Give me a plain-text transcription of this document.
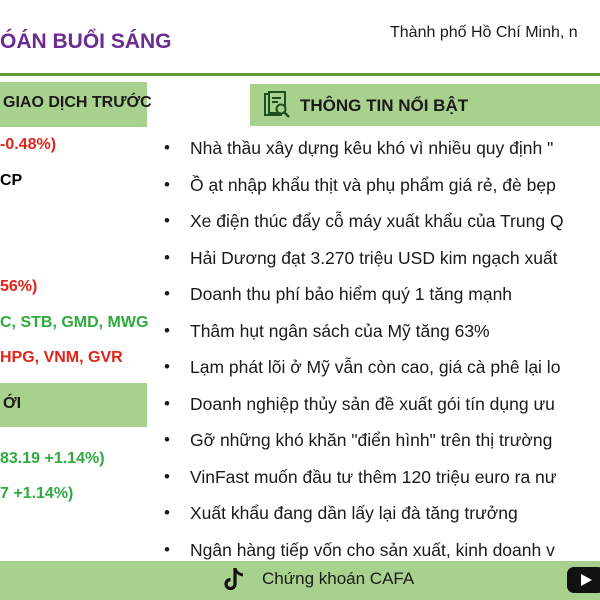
ÓÁN BUỔI SÁNG	Thành phố Hồ Chí Minh, n
GIAO DỊCH TRƯỚC
-0.48%)
CP
56%)
C, STB, GMD, MWG
HPG, VNM, GVR
ỚI
83.19 +1.14%)
7 +1.14%)
THÔNG TIN NỔI BẬT
• Nhà thầu xây dựng kêu khó vì nhiều quy định "
• Ồ ạt nhập khẩu thịt và phụ phẩm giá rẻ, đè bẹp
• Xe điện thúc đẩy cỗ máy xuất khẩu của Trung Q
• Hải Dương đạt 3.270 triệu USD kim ngạch xuất
• Doanh thu phí bảo hiểm quý 1 tăng mạnh
• Thâm hụt ngân sách của Mỹ tăng 63%
• Lạm phát lõi ở Mỹ vẫn còn cao, giá cà phê lại lo
• Doanh nghiệp thủy sản đề xuất gói tín dụng ưu
• Gỡ những khó khăn "điển hình" trên thị trường
• VinFast muốn đầu tư thêm 120 triệu euro ra nư
• Xuất khẩu đang dần lấy lại đà tăng trưởng
• Ngân hàng tiếp vốn cho sản xuất, kinh doanh v
Chứng khoán CAFA
